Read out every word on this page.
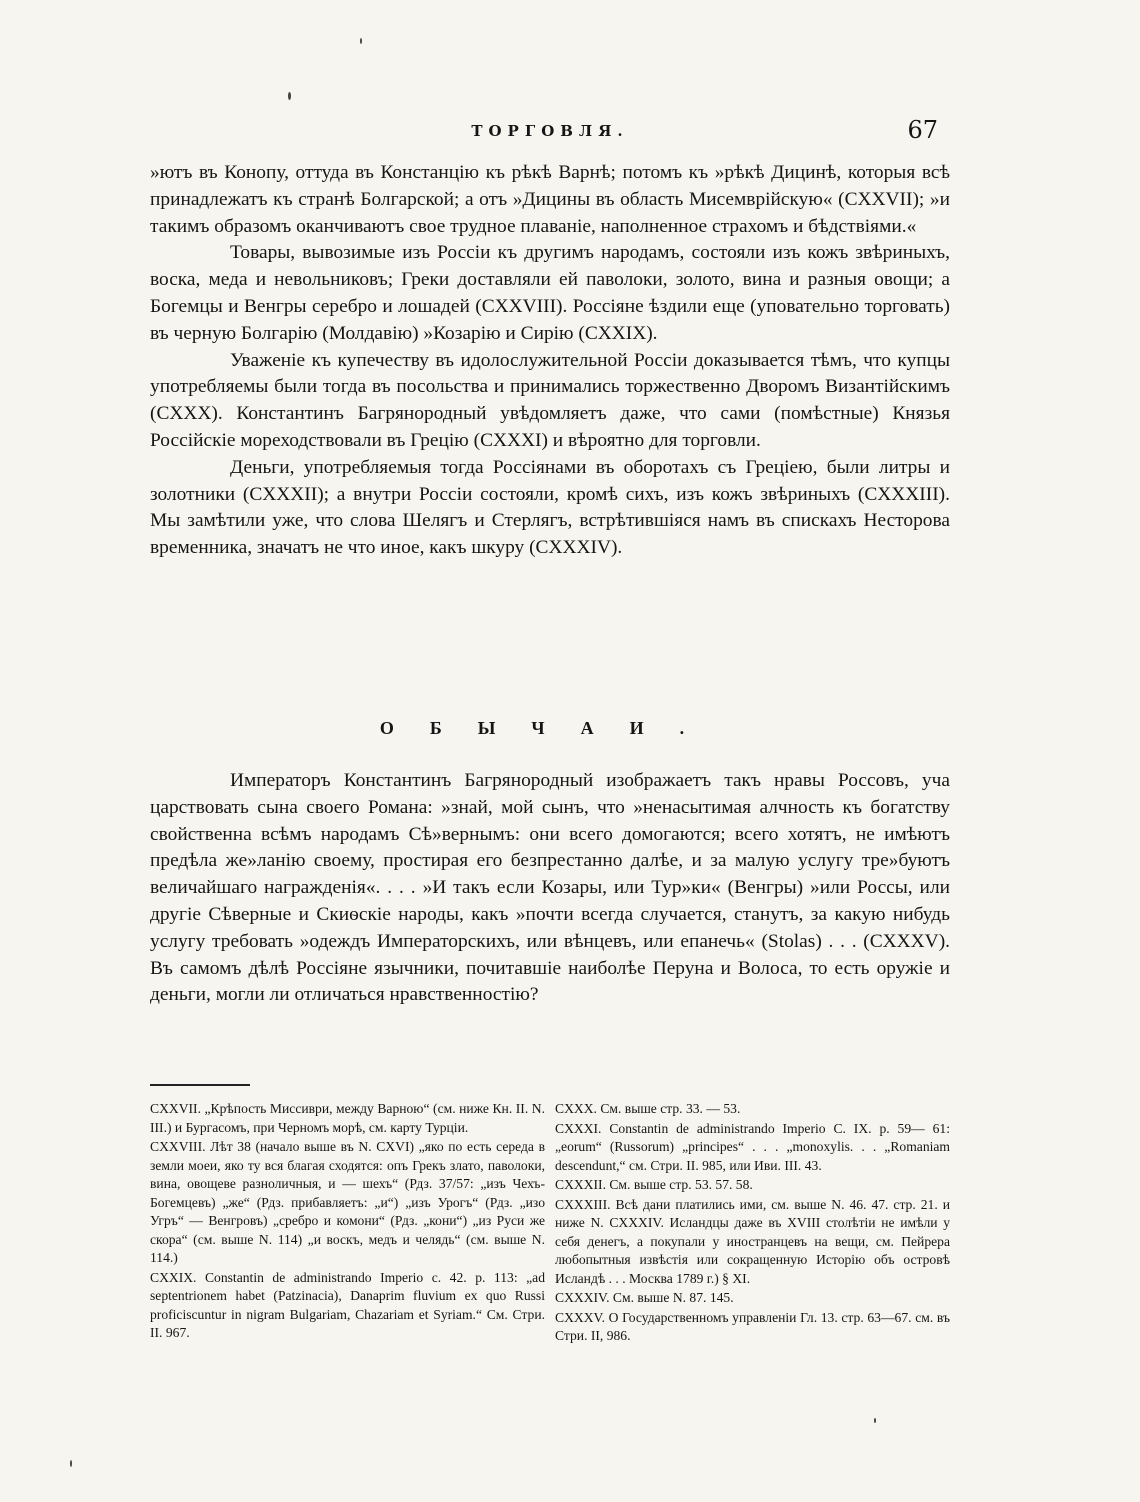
ТОРГОВЛЯ.	67

»ютъ въ Конопу, оттуда въ Констанцію къ рѣкѣ Варнѣ; потомъ къ »рѣкѣ Дицинѣ, которыя всѣ принадлежатъ къ странѣ Болгарской; а отъ »Дицины въ область Мисемврійскую« (CXXVII); »и такимъ образомъ оканчиваютъ свое трудное плаваніе, наполненное страхомъ и бѣдствіями.«

Товары, вывозимые изъ Россіи къ другимъ народамъ, состояли изъ кожъ звѣриныхъ, воска, меда и невольниковъ; Греки доставляли ей паволоки, золото, вина и разныя овощи; а Богемцы и Венгры серебро и лошадей (CXXVIII). Россіяне ѣздили еще (уповательно торговать) въ черную Болгарію (Молдавію) »Козарію и Сирію (CXXIX).

Уваженіе къ купечеству въ идолослужительной Россіи доказывается тѣмъ, что купцы употребляемы были тогда въ посольства и принимались торжественно Дворомъ Византійскимъ (CXXX). Константинъ Багрянородный увѣдомляетъ даже, что сами (помѣстные) Князья Россійскіе мореходствовали въ Грецію (CXXXI) и вѣроятно для торговли.

Деньги, употребляемыя тогда Россіянами въ оборотахъ съ Греціею, были литры и золотники (CXXXII); а внутри Россіи состояли, кромѣ сихъ, изъ кожъ звѣриныхъ (CXXXIII). Мы замѣтили уже, что слова Шелягъ и Стерлягъ, встрѣтившіяся намъ въ спискахъ Несторова временника, значатъ не что иное, какъ шкуру (CXXXIV).

ОБЫЧАИ.

Императоръ Константинъ Багрянородный изображаетъ такъ нравы Россовъ, уча царствовать сына своего Романа: »знай, мой сынъ, что »ненасытимая алчность къ богатству свойственна всѣмъ народамъ Сѣ»вернымъ: они всего домогаются; всего хотятъ, не имѣютъ предѣла же»ланію своему, простирая его безпрестанно далѣе, и за малую услугу тре»буютъ величайшаго награжденія«. . . . »И такъ если Козары, или Тур»ки« (Венгры) »или Россы, или другіе Сѣверные и Скиѳскіе народы, какъ »почти всегда случается, станутъ, за какую нибудь услугу требовать »одеждъ Императорскихъ, или вѣнцевъ, или епанечь« (Stolas) . . . (CXXXV). Въ самомъ дѣлѣ Россіяне язычники, почитавшіе наиболѣе Перуна и Волоса, то есть оружіе и деньги, могли ли отличаться нравственностію?

CXXVII. „Крѣпость Миссиври, между Варною“ (см. ниже Кн. II. N. III.) и Бургасомъ, при Черномъ морѣ, см. карту Турціи.

CXXVIII. Лѣт 38 (начало выше въ N. CXVI) „яко по есть середа в земли моеи, яко ту вся благая сходятся: опъ Грекъ злато, паволоки, вина, овощеве разноличныя, и — шехъ“ (Рдз. 37/57: „изъ Чехъ-Богемцевъ) „же“ (Рдз. прибавляетъ: „и“) „изъ Урогъ“ (Рдз. „изо Угръ“ — Венгровъ) „сребро и комони“ (Рдз. „кони“) „из Руси же скора“ (см. выше N. 114) „и воскъ, медъ и челядь“ (см. выше N. 114.)

CXXIX. Constantin de administrando Imperio c. 42. p. 113: „ad septentrionem habet (Patzinacia), Danaprim fluvium ex quo Russi proficiscuntur in nigram Bulgariam, Chazariam et Syriam.“ См. Стри. II. 967.

CXXX. См. выше стр. 33. — 53.

CXXXI. Constantin de administrando Imperio C. IX. p. 59— 61: „eorum“ (Russorum) „principes“ . . . „monoxylis. . . „Romaniam descendunt,“ см. Стри. II. 985, или Иви. III. 43.

CXXXII. См. выше стр. 53. 57. 58.

CXXXIII. Всѣ дани платились ими, см. выше N. 46. 47. стр. 21. и ниже N. CXXXIV. Исландцы даже въ XVIII столѣтіи не имѣли у себя денегъ, а покупали у иностранцевъ на вещи, см. Пейрера любопытныя извѣстія или сокращенную Исторію объ островѣ Исландѣ . . . Москва 1789 г.) § XI.

CXXXIV. См. выше N. 87. 145.

CXXXV. О Государственномъ управленіи Гл. 13. стр. 63—67. см. въ Стри. II, 986.
